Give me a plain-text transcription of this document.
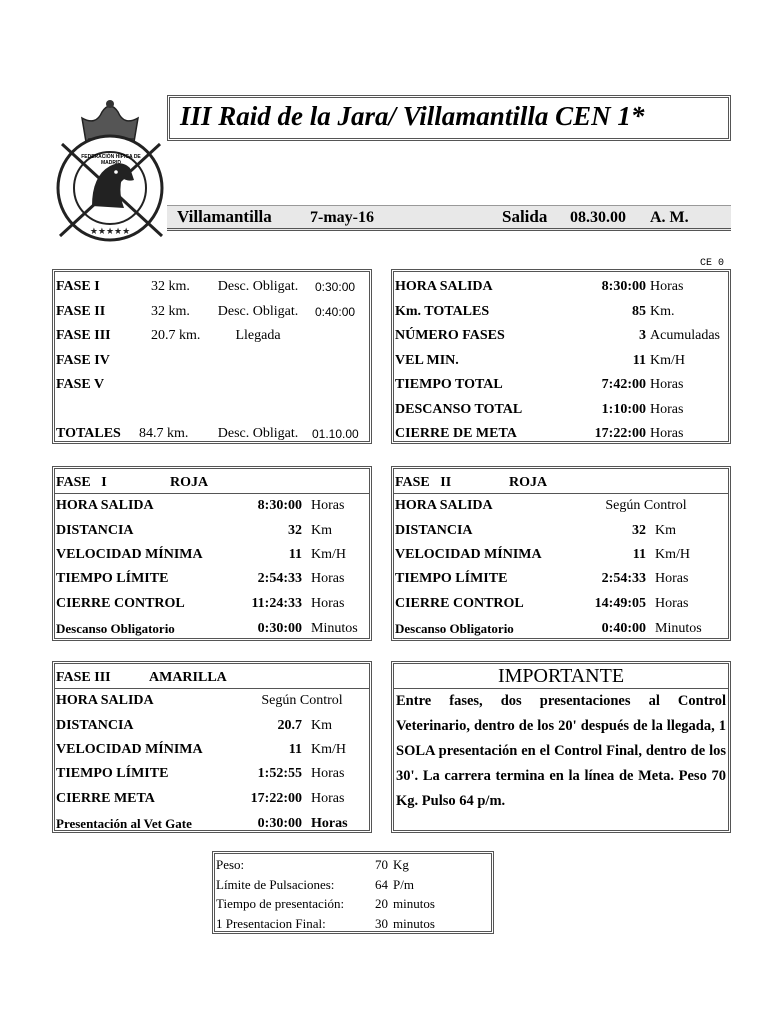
★★★★★
FEDERACIÓN HÍPICA DE MADRID
III Raid de la Jara/ Villamantilla CEN 1*
Villamantilla 7-may-16	Salida 08.30.00 A. M.
CE 0
FASE I	32 km.	Desc. Obligat.	0:30:00
FASE II	32 km.	Desc. Obligat.	0:40:00
FASE III	20.7 km.	Llegada
FASE IV
FASE V
TOTALES 84.7 km.	Desc. Obligat.	01.10.00
HORA SALIDA	8:30:00 Horas
Km. TOTALES	85 Km.
NÚMERO FASES	3 Acumuladas
VEL MIN.	11 Km/H
TIEMPO TOTAL	7:42:00 Horas
DESCANSO TOTAL	1:10:00 Horas
CIERRE DE META	17:22:00 Horas
FASE   I	ROJA
HORA SALIDA	8:30:00 Horas
DISTANCIA	32 Km
VELOCIDAD MÍNIMA	11 Km/H
TIEMPO LÍMITE	2:54:33 Horas
CIERRE CONTROL	11:24:33 Horas
Descanso Obligatorio	0:30:00 Minutos
FASE   II	ROJA
HORA SALIDA	Según Control
DISTANCIA	32 Km
VELOCIDAD MÍNIMA	11 Km/H
TIEMPO LÍMITE	2:54:33 Horas
CIERRE CONTROL	14:49:05 Horas
Descanso Obligatorio	0:40:00 Minutos
FASE III	AMARILLA
HORA SALIDA	Según Control
DISTANCIA	20.7 Km
VELOCIDAD MÍNIMA	11 Km/H
TIEMPO LÍMITE	1:52:55 Horas
CIERRE META	17:22:00 Horas
Presentación al Vet Gate	0:30:00 Horas
IMPORTANTE
Entre fases, dos presentaciones al Control Veterinario, dentro de los 20' después de la llegada, 1 SOLA presentación en el Control Final, dentro de los 30'. La carrera termina en la línea de Meta. Peso 70 Kg. Pulso 64 p/m.
Peso:	70 Kg
Límite de Pulsaciones:	64 P/m
Tiempo de presentación:	20 minutos
1 Presentacion Final:	30 minutos
